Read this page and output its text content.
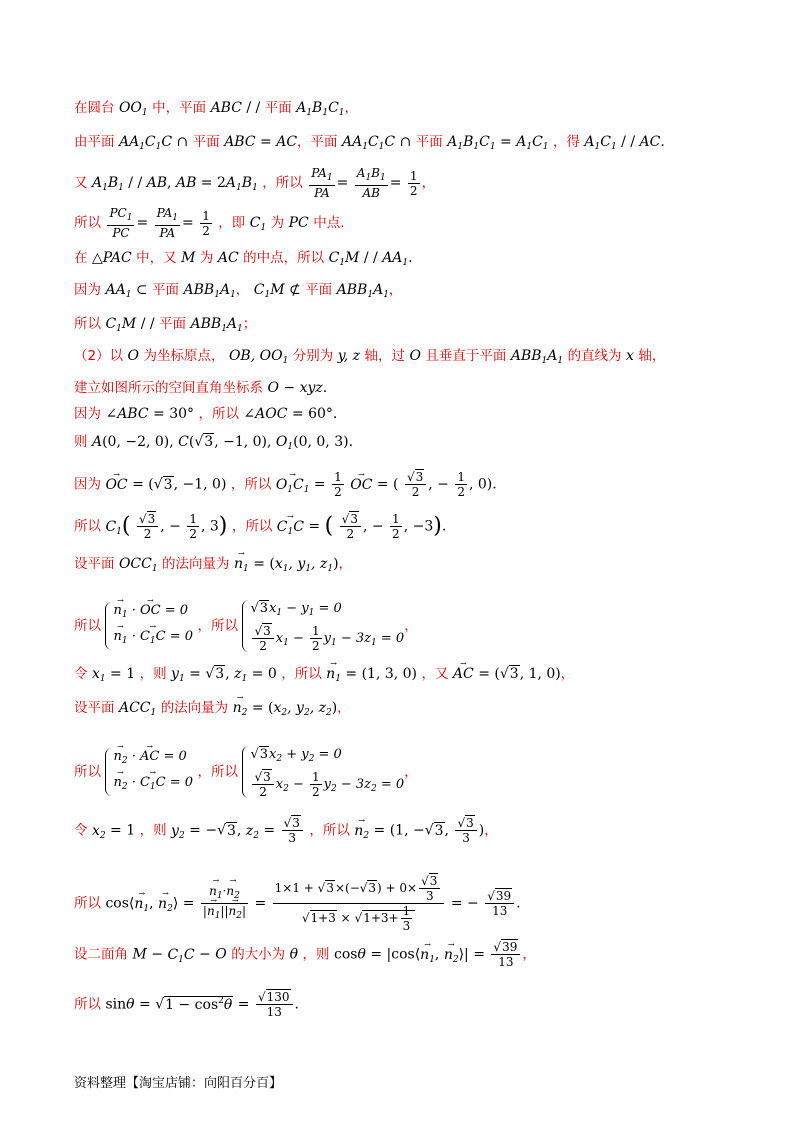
在圆台 $OO_1$ 中，平面 ABC / / 平面 $A_1B_1C_1$，
由平面 $AA_1C_1C$ ∩ 平面 ABC = AC，平面 $AA_1C_1C$ ∩ 平面 $A_1B_1C_1 = A_1C_1$ ，得 $A_1C_1$ / / AC.
又 $A_1B_1$ / / AB, AB = $2A_1B_1$ ，所以 $\frac{PA_1}{PA} = \frac{A_1B_1}{AB} = \frac{1}{2}$ ，
所以 $\frac{PC_1}{PC} = \frac{PA_1}{PA} = \frac{1}{2}$ ，即 $C_1$ 为 PC 中点.
在 △PAC 中，又 M 为 AC 的中点，所以 $C_1M$ / / $AA_1$.
因为 $AA_1$ ⊂ 平面 $ABB_1A_1$， $C_1M$ ⊄ 平面 $ABB_1A_1$，
所以 $C_1M$ / / 平面 $ABB_1A_1$；
（2）以 O 为坐标原点， OB, $OO_1$ 分别为 y, z 轴，过 O 且垂直于平面 $ABB_1A_1$ 的直线为 x 轴，
建立如图所示的空间直角坐标系 O − xyz.
因为 ∠ABC = 30° ，所以 ∠AOC = 60°.
则 A(0, −2, 0), C(√3, −1, 0), $O_1(0$, 0, 3).
因为 → OC = (√3, −1, 0) ，所以 → $O_1C_1 = \frac{1}{2}$ → OC = ( $\frac{√3}{2}$ , − $\frac{1}{2}$ , 0).
所以 $C_1( \frac{√3}{2}$ , − $\frac{1}{2}$ , 3) ，所以 → $C_1C$ = ( $\frac{√3}{2}$ , − $\frac{1}{2}$ , −3).
设平面 $OCC_1$ 的法向量为 → $n_1 = (x_1$, $y_1$, $z_1$)，
所以
→ $n_1$ · → OC = 0
→ $n_1$ · → $C_1C = 0$
，所以
$√3x_1 - y_1 = 0$
$\frac{√3}{2} x_1 - \frac{1}{2} y_1 - 3z_1 = 0$
，
令 $x_1 = 1$ ，则 $y_1 = √3$, $z_1 = 0$ ，所以 → $n_1 = (1$, 3, 0) ，又 → AC = (√3, 1, 0)，
设平面 $ACC_1$ 的法向量为 → $n_2 = (x_2$, $y_2$, $z_2$)，
所以
→ $n_2$ · → AC = 0
→ $n_2$ · → $C_1C = 0$
，所以
$√3x_2 + y_2 = 0$
$\frac{√3}{2} x_2 - \frac{1}{2} y_2 - 3z_2 = 0$
，
令 $x_2 = 1$ ，则 $y_2 = -√3$, $z_2 = \frac{√3}{3}$ ，所以 → $n_2 = (1$, −√3, $\frac{√3}{3}$ )，
所以 cos⟨→ $n_1$, → $n_2⟩$ = → $\frac{n_1\cdot\to n_2}{|\to n_1||\to n_2|} = \frac{1\times 1 + √3\times(-√3) + 0\times \frac{√3}{3}}{√1+3 \times √1+3+ \frac{1}{3}}$ = − $\frac{√39}{13}$ .
设二面角 $M - C_1C - O$ 的大小为 θ ，则 cosθ = |cos⟨→ $n_1$, → $n_2⟩| = \frac{√39}{13}$ ，
所以 $\sin\theta = √1 - \cos^2\theta = \frac{√130}{13}$ .
资料整理【淘宝店铺：向阳百分百】
